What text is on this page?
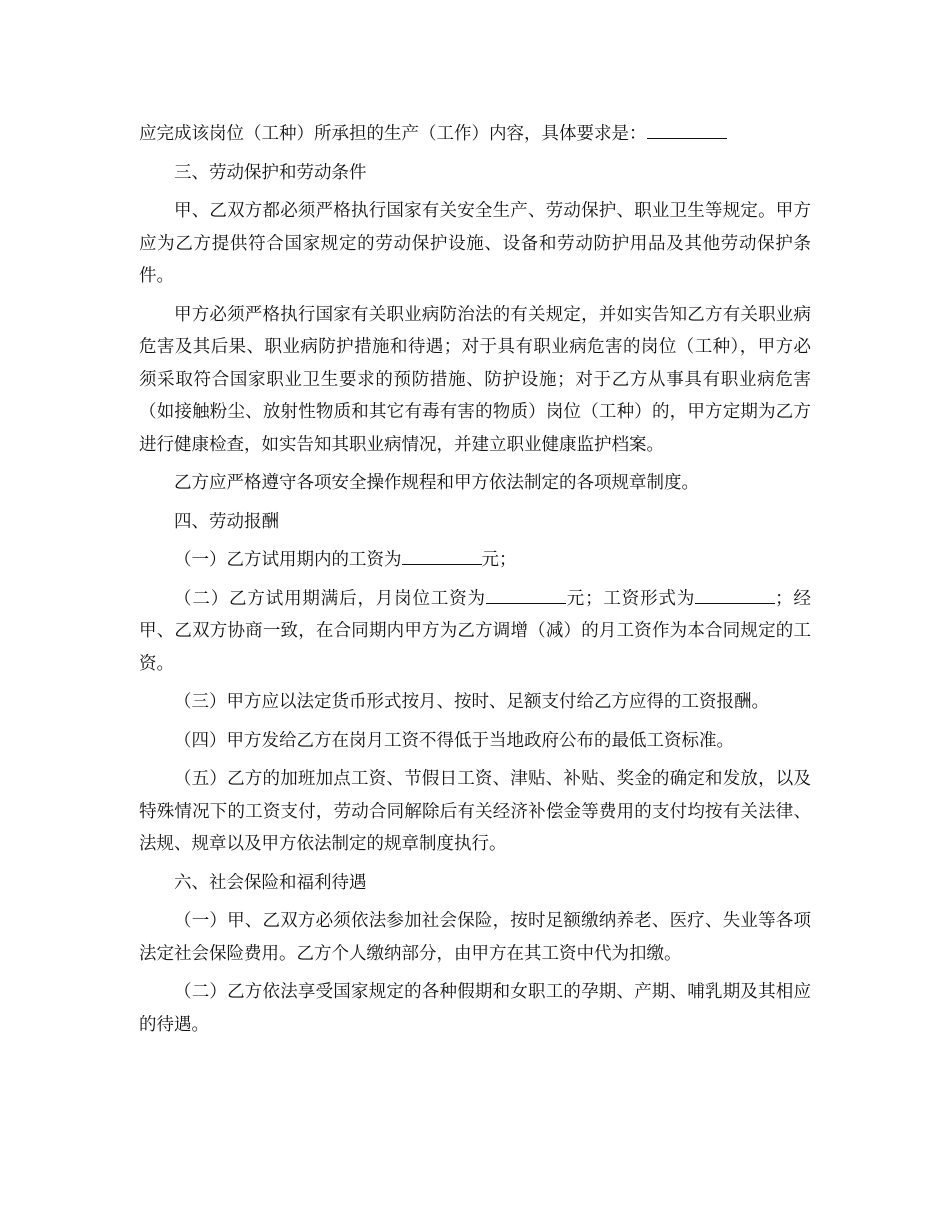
应完成该岗位（工种）所承担的生产（工作）内容，具体要求是：

三、劳动保护和劳动条件

甲、乙双方都必须严格执行国家有关安全生产、劳动保护、职业卫生等规定。甲方应为乙方提供符合国家规定的劳动保护设施、设备和劳动防护用品及其他劳动保护条件。

甲方必须严格执行国家有关职业病防治法的有关规定，并如实告知乙方有关职业病危害及其后果、职业病防护措施和待遇；对于具有职业病危害的岗位（工种），甲方必须采取符合国家职业卫生要求的预防措施、防护设施；对于乙方从事具有职业病危害（如接触粉尘、放射性物质和其它有毒有害的物质）岗位（工种）的，甲方定期为乙方进行健康检查，如实告知其职业病情况，并建立职业健康监护档案。

乙方应严格遵守各项安全操作规程和甲方依法制定的各项规章制度。

四、劳动报酬

（一）乙方试用期内的工资为	元；

（二）乙方试用期满后，月岗位工资为	元；工资形式为	；经甲、乙双方协商一致，在合同期内甲方为乙方调增（减）的月工资作为本合同规定的工资。

（三）甲方应以法定货币形式按月、按时、足额支付给乙方应得的工资报酬。

（四）甲方发给乙方在岗月工资不得低于当地政府公布的最低工资标准。

（五）乙方的加班加点工资、节假日工资、津贴、补贴、奖金的确定和发放，以及特殊情况下的工资支付，劳动合同解除后有关经济补偿金等费用的支付均按有关法律、法规、规章以及甲方依法制定的规章制度执行。

六、社会保险和福利待遇

（一）甲、乙双方必须依法参加社会保险，按时足额缴纳养老、医疗、失业等各项法定社会保险费用。乙方个人缴纳部分，由甲方在其工资中代为扣缴。

（二）乙方依法享受国家规定的各种假期和女职工的孕期、产期、哺乳期及其相应的待遇。
